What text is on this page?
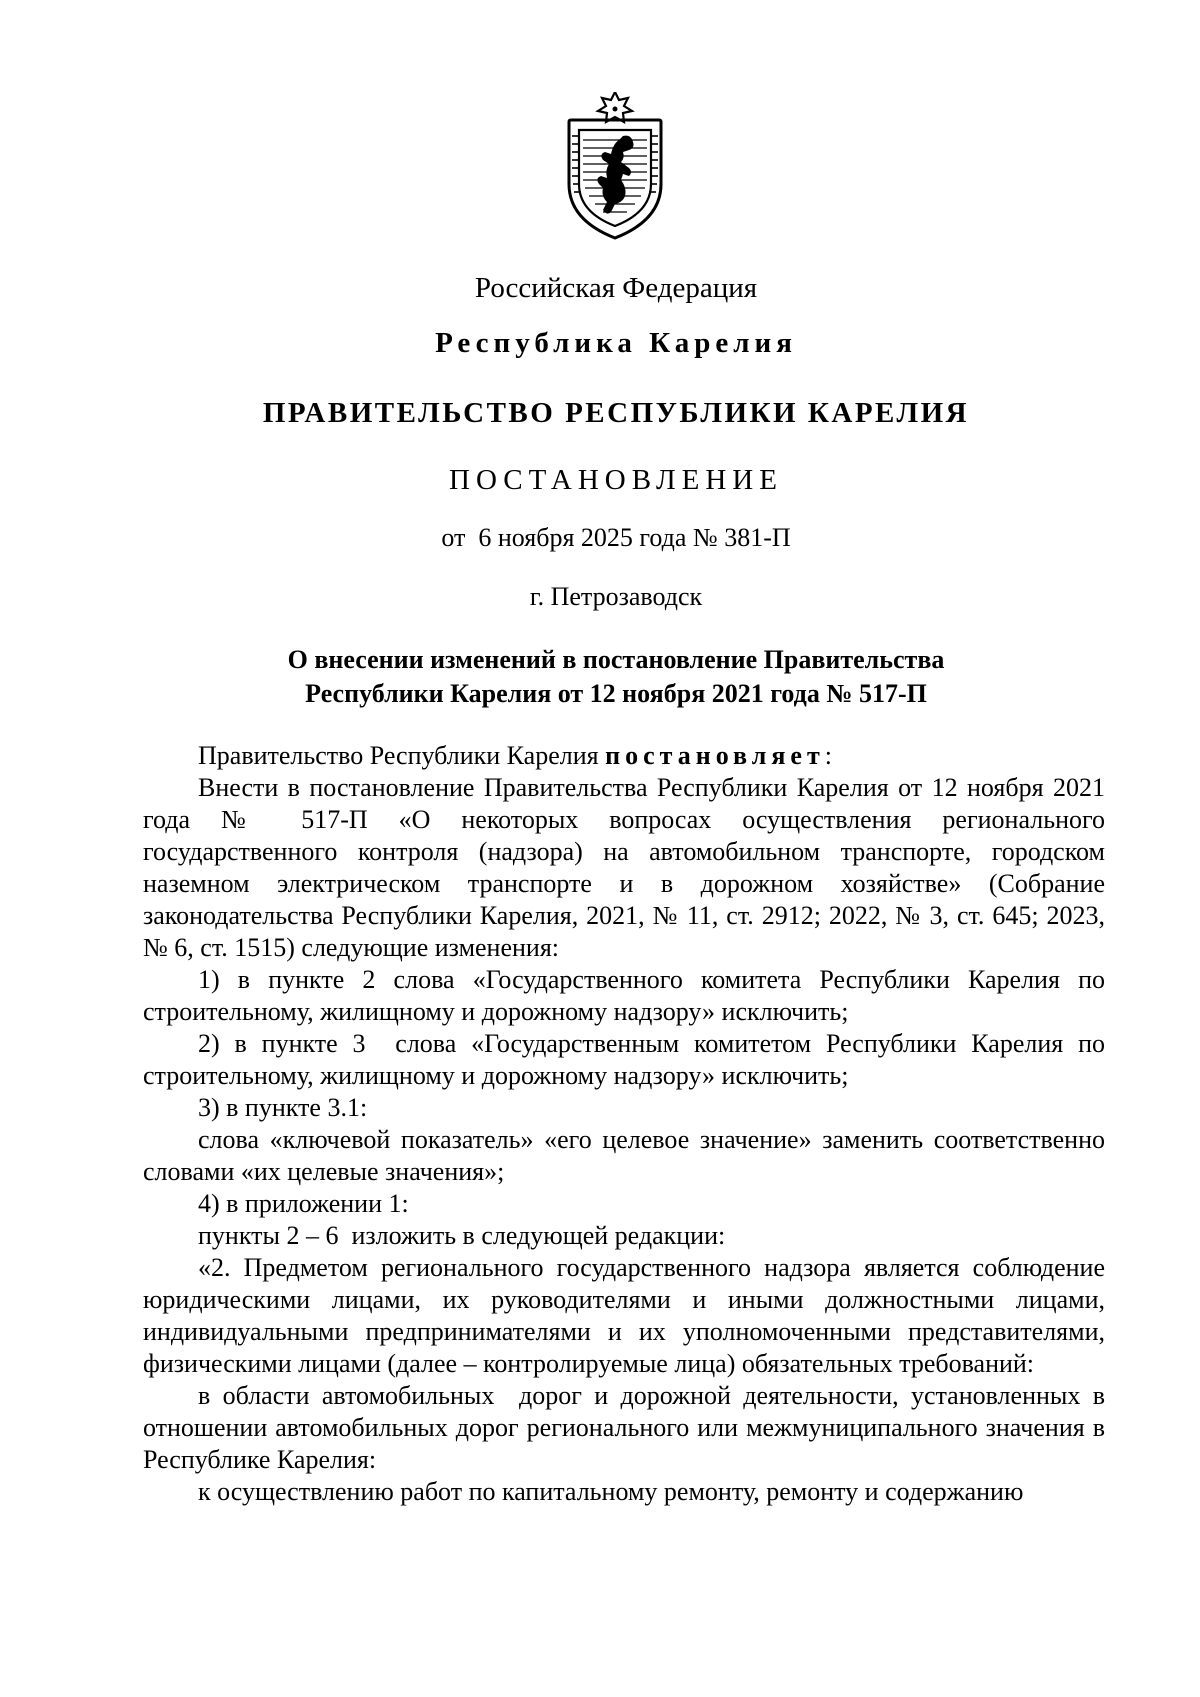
Российская Федерация
Республика Карелия
ПРАВИТЕЛЬСТВО РЕСПУБЛИКИ КАРЕЛИЯ
ПОСТАНОВЛЕНИЕ
от  6 ноября 2025 года № 381-П
г. Петрозаводск
О внесении изменений в постановление Правительства
Республики Карелия от 12 ноября 2021 года № 517-П

Правительство Республики Карелия постановляет:

Внести в постановление Правительства Республики Карелия от 12 ноября 2021 года № 517-П «О некоторых вопросах осуществления регионального государственного контроля (надзора) на автомобильном транспорте, городском наземном электрическом транспорте и в дорожном хозяйстве» (Собрание законодательства Республики Карелия, 2021, № 11, ст. 2912; 2022, № 3, ст. 645; 2023, № 6, ст. 1515) следующие изменения:

1) в пункте 2 слова «Государственного комитета Республики Карелия по строительному, жилищному и дорожному надзору» исключить;

2) в пункте 3  слова «Государственным комитетом Республики Карелия по строительному, жилищному и дорожному надзору» исключить;

3) в пункте 3.1:

слова «ключевой показатель» «его целевое значение» заменить соответственно словами «их целевые значения»;

4) в приложении 1:

пункты 2 – 6  изложить в следующей редакции:

«2. Предметом регионального государственного надзора является соблюдение юридическими лицами, их руководителями и иными должностными лицами, индивидуальными предпринимателями и их уполномоченными представителями, физическими лицами (далее – контролируемые лица) обязательных требований:

в области автомобильных  дорог и дорожной деятельности, установленных в отношении автомобильных дорог регионального или межмуниципального значения в Республике Карелия:

к осуществлению работ по капитальному ремонту, ремонту и содержанию
